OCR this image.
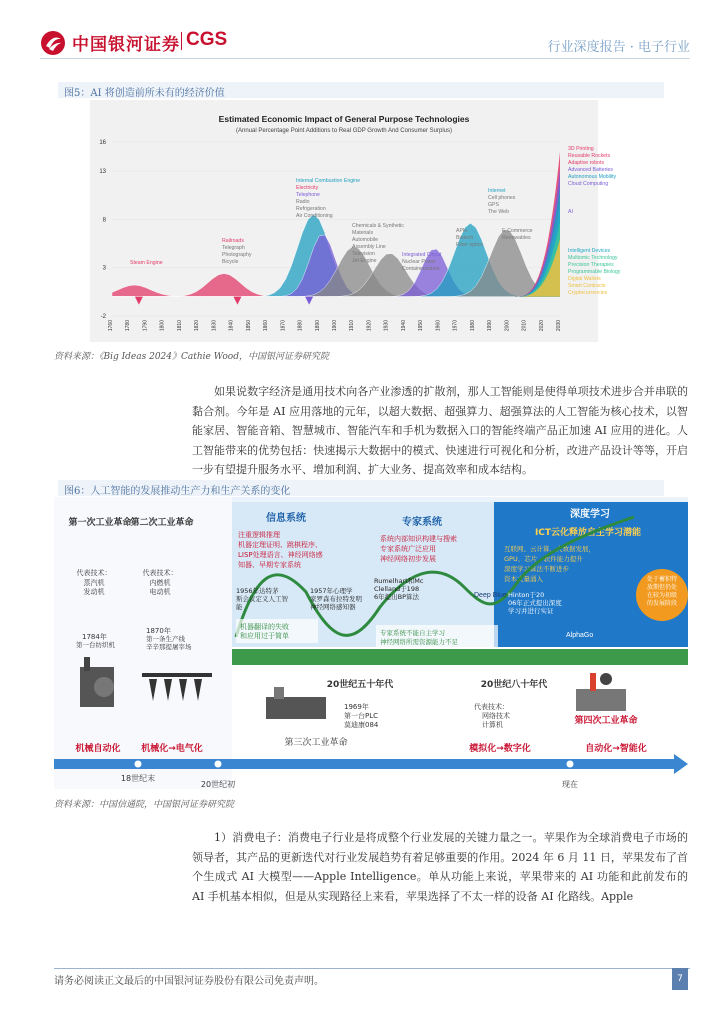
中国银河证券 CGS	行业深度报告 · 电子行业
图5：AI 将创造前所未有的经济价值
Estimated Economic Impact of General Purpose Technologies
(Annual Percentage Point Additions to Real GDP Growth And Consumer Surplus)
16
13
8
3
-2
1760 1780 1790 1800 1810 1820 1830 1840 1850 1860 1870 1880 1890 1900 1910 1920 1930 1940 1950 1960 1970 1980 1990 2000 2010 2020 2030
Steam Engine
Railroads
Telegraph
Photography
Bicycle
Internal Combustion Engine
Electricity
Telephone
Radio
Refrigeration
Air Conditioning
Chemicals & Synthetic
Materials
Automobile
Assembly Line
Television
Jet Engine
Integrated Circuit
Nuclear Power
Containerization
APIs
Biotech
Fiber optics
Internet
Cell phones
GPS
The Web
E-Commerce
Renewables
3D Printing
Reusable Rockets
Adaptive robots
Advanced Batteries
Autonomous Mobility
Cloud Computing
AI
Intelligent Devices
Multiomic Technology
Precision Therapies
Programmable Biology
Digital Wallets
Smart Contracts
Cryptocurrencies
资料来源：《Big Ideas 2024》Cathie Wood，中国银河证券研究院
如果说数字经济是通用技术向各产业渗透的扩散剂，那人工智能则是使得单项技术进步合并串联的黏合剂。今年是 AI 应用落地的元年，以超大数据、超强算力、超强算法的人工智能为核心技术，以智能家居、智能音箱、智慧城市、智能汽车和手机为数据入口的智能终端产品正加速 AI 应用的进化。人工智能带来的优势包括：快速揭示大数据中的模式、快速进行可视化和分析，改进产品设计等等，开启一步有望提升服务水平、增加利润、扩大业务、提高效率和成本结构。
图6：人工智能的发展推动生产力和生产关系的变化
信息系统	专家系统
深度学习
ICT云化释放自主学习潜能
注重逻辑推理
机器定理证明、跳棋程序、
LISP处理语言、神经网络感
知器、早期专家系统
系统内部知识构建与搜索
专家系统广泛应用
神经网络初步发展
互联网、云计算、大数据发展，
GPU、芯片、软件能力提升
深度学习算法不断进步
资本大量涌入
1956年达特茅斯会议定义人工智能
1957年心理学家罗森布拉特发明神经网络感知器
Rumelhart和Mc Clelland于198 6年提出BP算法	Deep Blue Hinton于20 06年正式提出深度学习并进行实证
AlphaGo
处于蓄积特
放期但仍处
在较为初级
的发展阶段
机器翻译的失败
和应用过于简单	专家系统不能自主学习
神经网络所需资源能力不足
第一次工业革命
第二次工业革命
代表技术：
蒸汽机
发动机
代表技术：
内燃机
电动机
1784年
第一台纺织机
1870年
第一条生产线
辛辛那提屠宰场
20世纪五十年代	20世纪八十年代
1969年
第一台PLC
莫迪康084
代表技术：
网络技术
计算机
第三次工业革命
第四次工业革命
机械自动化 机械化→电气化	模拟化→数字化	自动化→智能化
18世纪末
20世纪初	现在
资料来源：中国信通院，中国银河证券研究院
1）消费电子：消费电子行业是将成整个行业发展的关键力量之一。苹果作为全球消费电子市场的领导者，其产品的更新迭代对行业发展趋势有着足够重要的作用。2024 年 6 月 11 日，苹果发布了首个生成式 AI 大模型——Apple Intelligence。单从功能上来说，苹果带来的 AI 功能和此前发布的 AI 手机基本相似，但是从实现路径上来看，苹果选择了不太一样的设备 AI 化路线。Apple
请务必阅读正文最后的中国银河证券股份有限公司免责声明。	7
